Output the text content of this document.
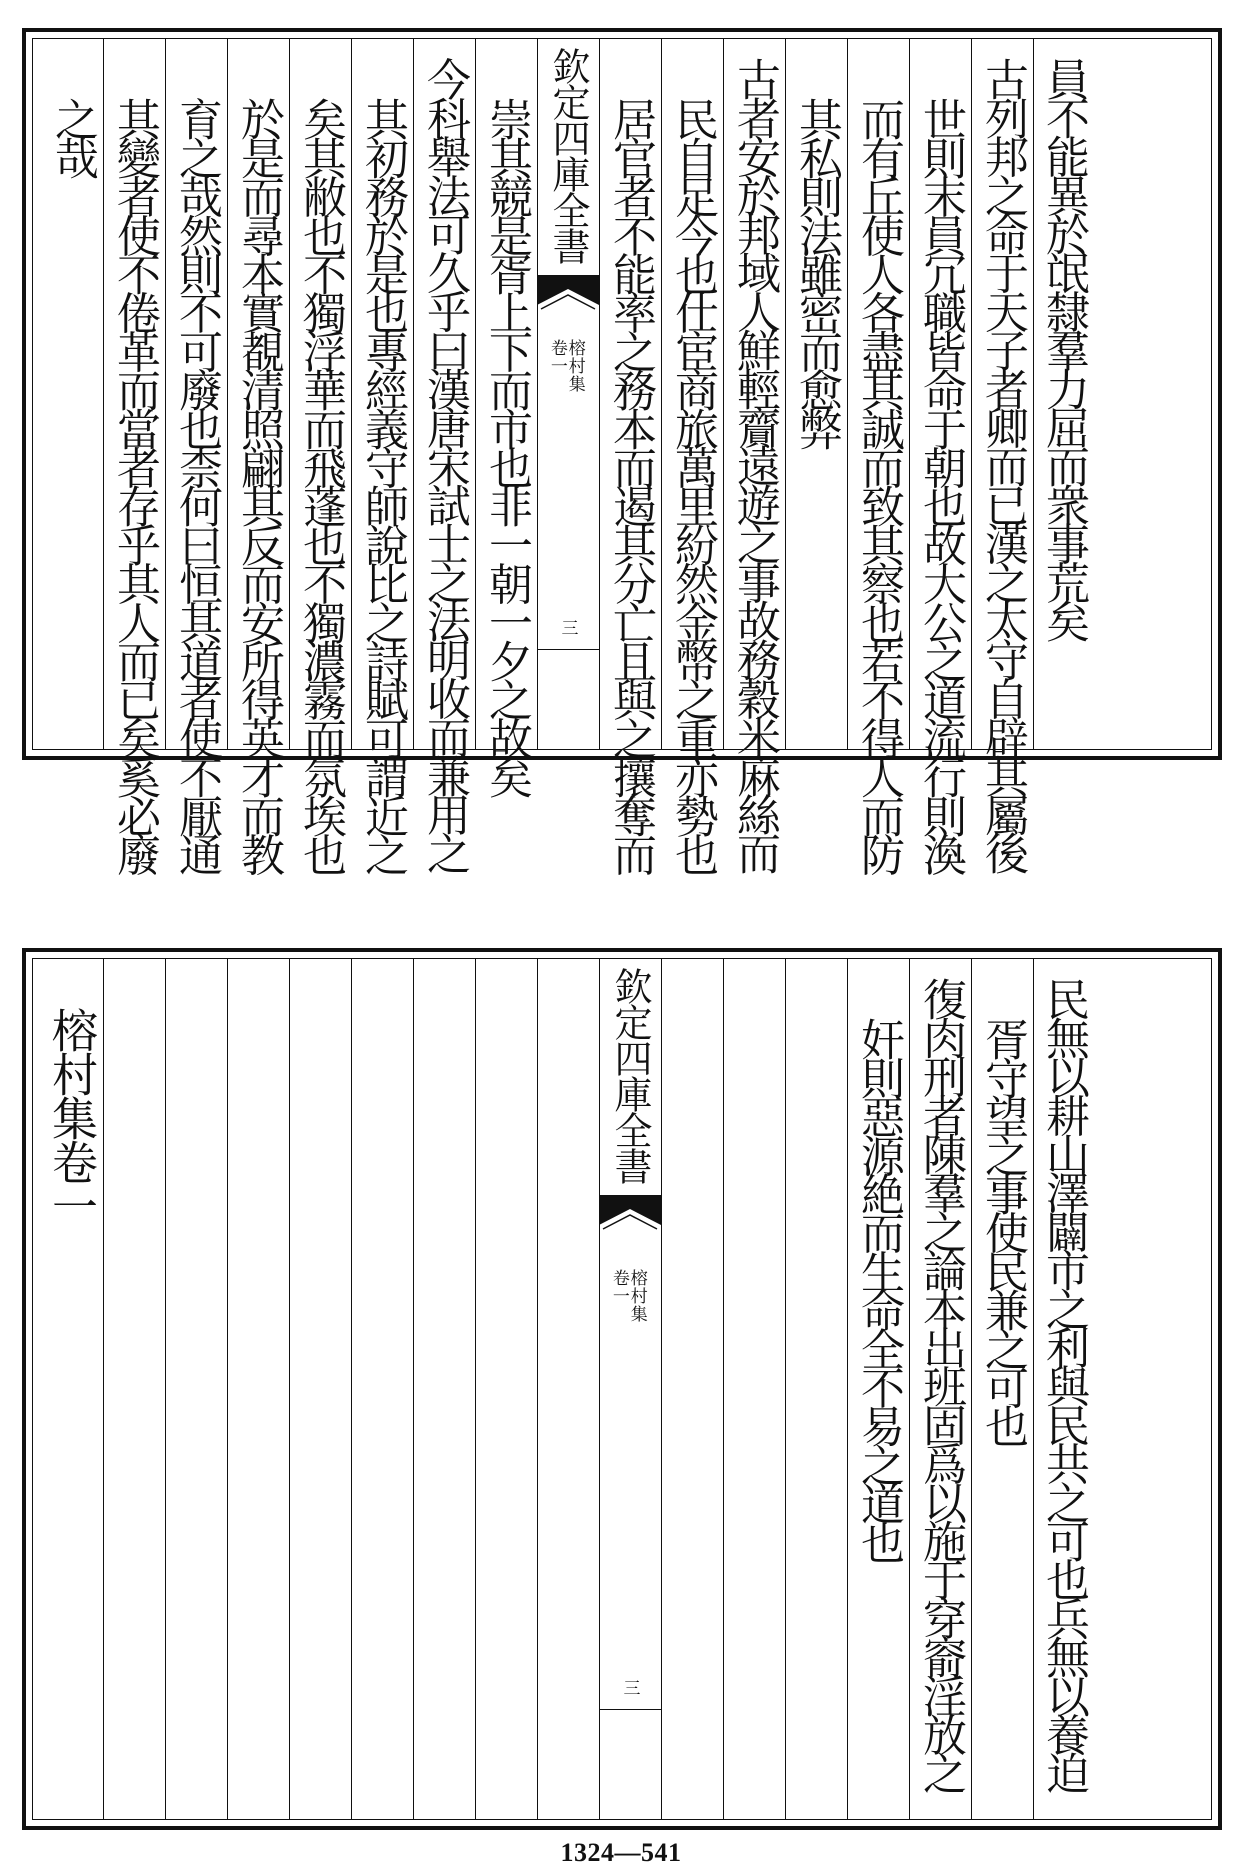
員不能異於氓隸羣力屈而衆事荒矣
古列邦之命于天子者卿而已漢之太守自辟其屬後
世則末員冗職皆命于朝也故大公之道流行則渙
而有丘使人各盡其誠而致其察也若不得人而防
其私則法雖密而愈弊
古者安於邦域人鮮輕齎遠遊之事故務穀米麻絲而
民自足今也仕宦商旅萬里紛然金幣之重亦勢也
居官者不能率之務本而遏其分亡且與之攘奪而
欽定四庫全書
榕村集
卷一
三
崇其競是胥上下而市也非一朝一夕之故矣
今科舉法可久乎曰漢唐宋試士之法明收而兼用之
其初務於是也專經義守師說比之詩賦可謂近之
矣其敝也不獨浮華而飛蓬也不獨濃霧而氛埃也
於是而尋本實覩清照翩其反而安所得英才而教
育之哉然則不可廢也柰何曰恒其道者使不厭通
其變者使不倦革而當者存乎其人而已矣奚必廢
之哉
民無以耕山澤闢市之利與民共之可也兵無以養迫
胥守望之事使民兼之可也
復肉刑者陳羣之論本出班固爲以施于穿窬淫放之
奸則惡源絶而生命全不易之道也
欽定四庫全書
榕村集
卷一
三
榕村集卷一
1324—541
